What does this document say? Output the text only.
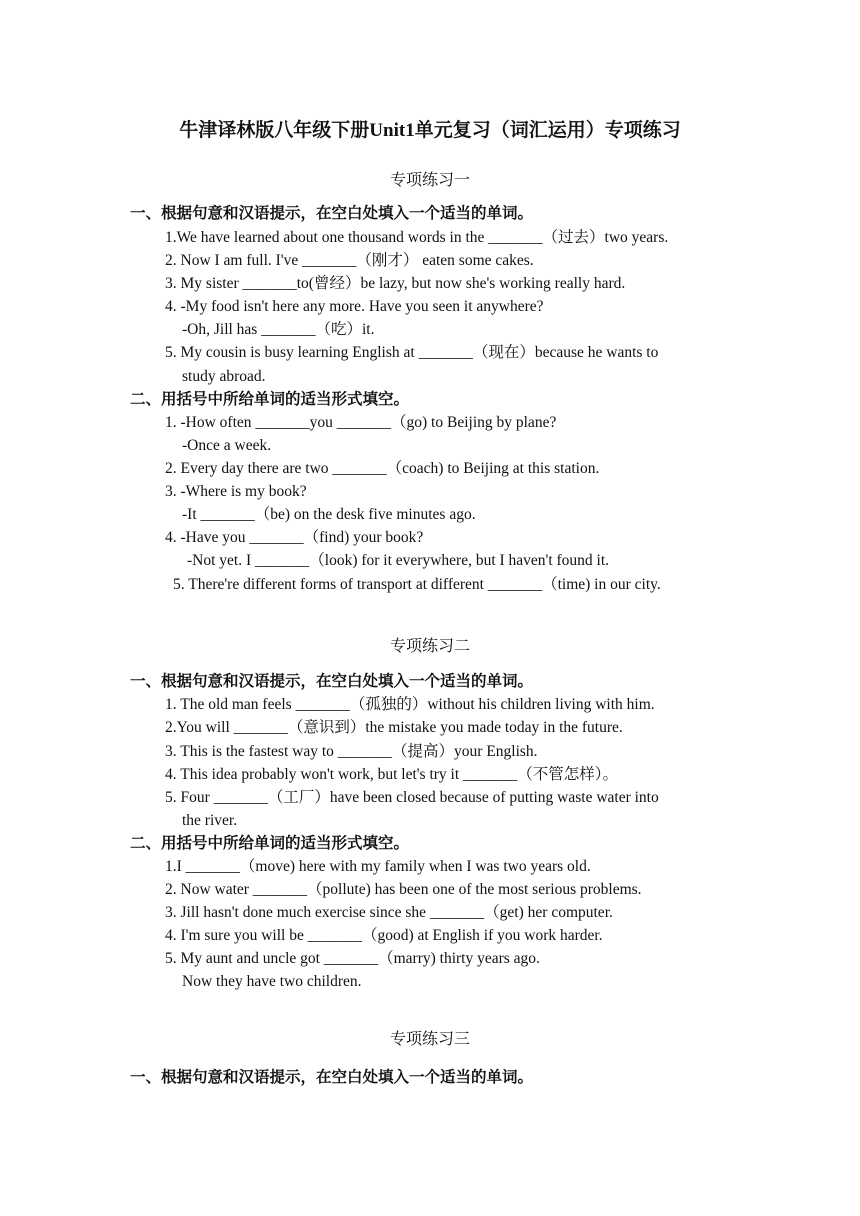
牛津译林版八年级下册Unit1单元复习（词汇运用）专项练习
专项练习一
一、根据句意和汉语提示，在空白处填入一个适当的单词。
1.We have learned about one thousand words in the _______（过去）two years.
2. Now I am full. I've _______（刚才） eaten some cakes.
3. My sister _______to(曾经）be lazy, but now she's working really hard.
4. -My food isn't here any more. Have you seen it anywhere?
-Oh, Jill has _______（吃）it.
5. My cousin is busy learning English at _______（现在）because he wants to
study abroad.
二、用括号中所给单词的适当形式填空。
1. -How often _______you _______（go) to Beijing by plane?
-Once a week.
2. Every day there are two _______（coach) to Beijing at this station.
3. -Where is my book?
-It _______（be) on the desk five minutes ago.
4. -Have you _______（find) your book?
-Not yet. I _______（look) for it everywhere, but I haven't found it.
5. There're different forms of transport at different _______（time) in our city.
专项练习二
一、根据句意和汉语提示，在空白处填入一个适当的单词。
1. The old man feels _______（孤独的）without his children living with him.
2.You will _______（意识到）the mistake you made today in the future.
3. This is the fastest way to _______（提高）your English.
4. This idea probably won't work, but let's try it _______（不管怎样）。
5. Four _______（工厂）have been closed because of putting waste water into
the river.
二、用括号中所给单词的适当形式填空。
1.I _______（move) here with my family when I was two years old.
2. Now water _______（pollute) has been one of the most serious problems.
3. Jill hasn't done much exercise since she _______（get) her computer.
4. I'm sure you will be _______（good) at English if you work harder.
5. My aunt and uncle got _______（marry) thirty years ago.
Now they have two children.
专项练习三
一、根据句意和汉语提示，在空白处填入一个适当的单词。
